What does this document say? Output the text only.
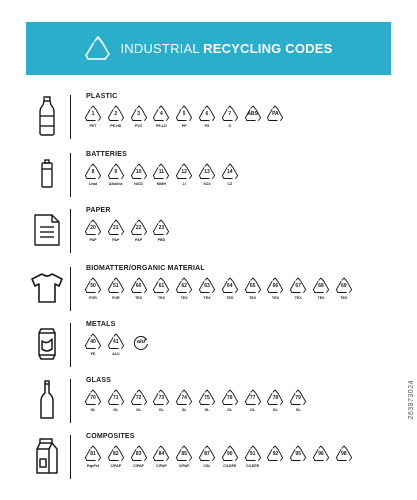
INDUSTRIAL RECYCLING CODES
PLASTIC
1
PET
2
PE-HD
3
PVC
4
PE-LD
5
PP
6
PS
7
O
ABS	PA
BATTERIES
8
Lead
9
Alkaline
10
NiCD
11
NiMH
12
Li
13
SO2
14
CZ
PAPER
20
PAP
21
PAP
22
PAP
23
PBD
BIOMATTER/ORGANIC MATERIAL
50
FOR
51
FOR
60
TEX
61
TEX
62
TEX
63
TEX
64
TEX
65
TEX
66
TEX
67
TEX
68
TEX
69
TEX
METALS
alu
40
FE
41
ALU
GLASS
70
GL
71
GL
72
GL
73
GL
74
GL
75
GL
76
GL
77
GL
78
GL
79
GL
COMPOSITES
81
PapPet
82
C/PAP
83
C/PAP
84
C/PAP
85
C/PAP
87
CSL
90
C/LDPE
91
C/LDPE
92	95	96	98
263873024
